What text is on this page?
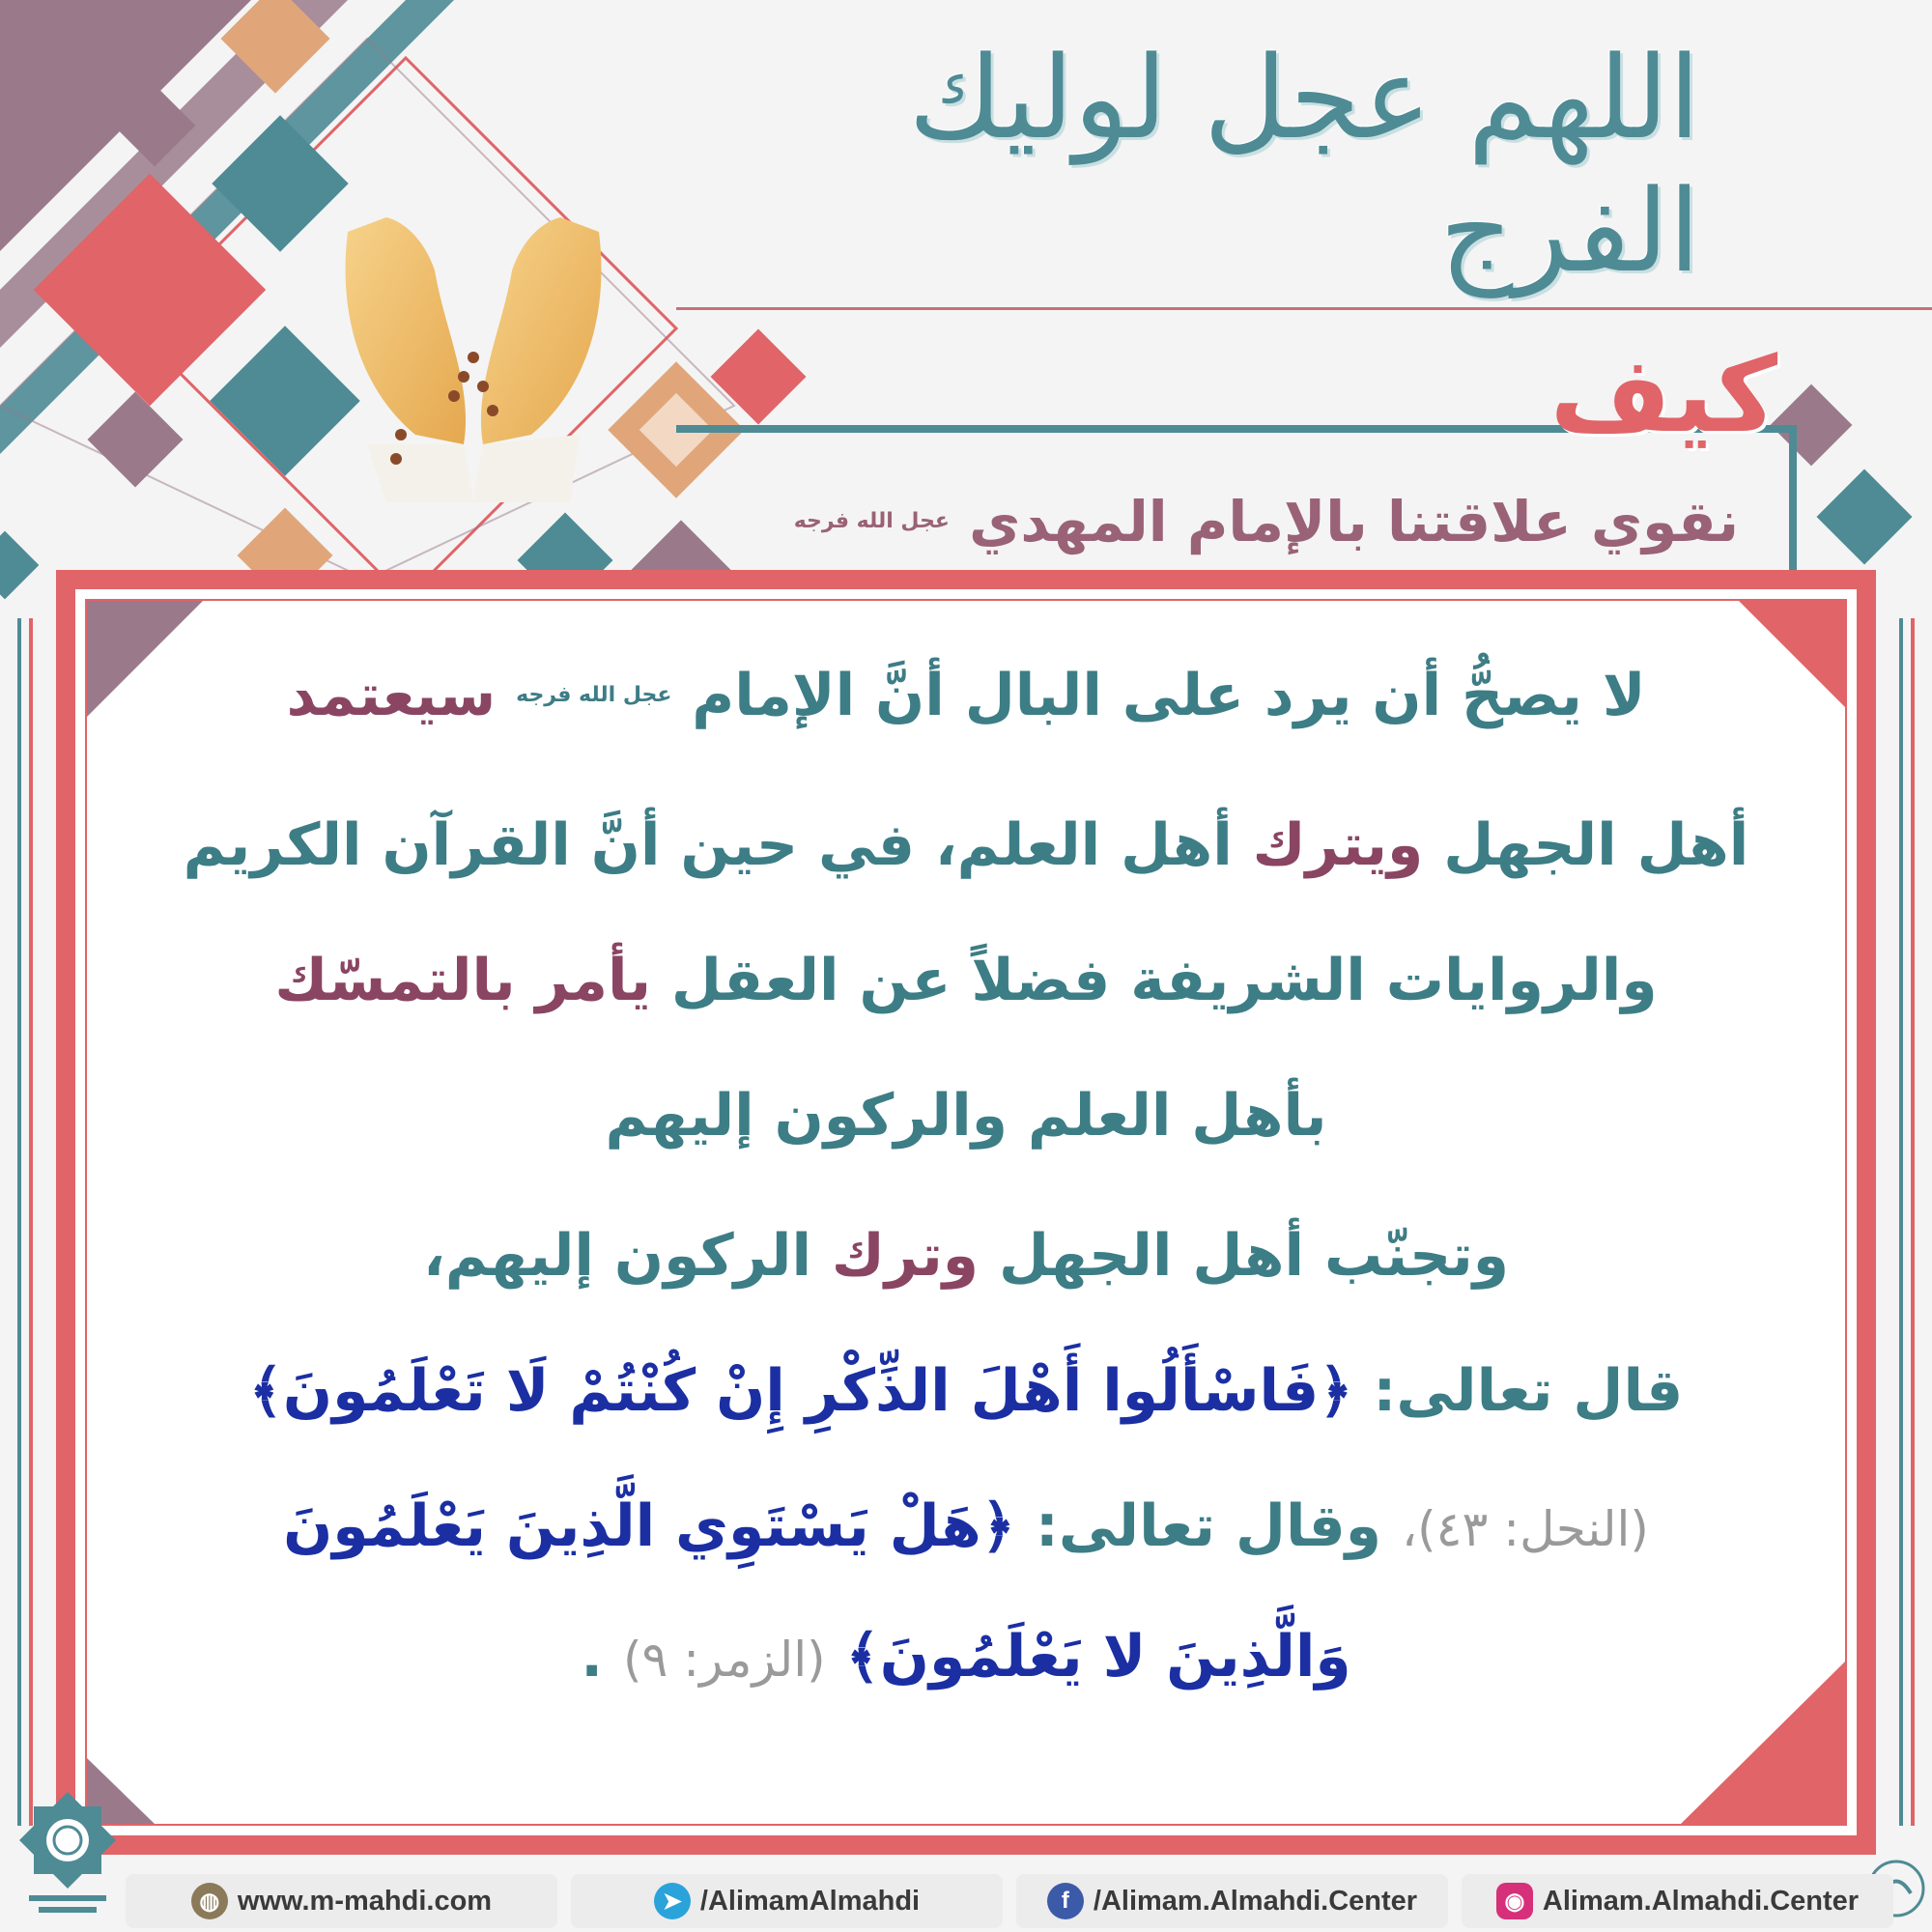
اللهم عجل لوليك الفرج
كيف
نقوي علاقتنا بالإمام المهدي $^{عجل الله فرجه}$
لا يصحُّ أن يرد على البال أنَّ الإمام $^{عجل الله فرجه}$ سيعتمد
أهل الجهل ويترك أهل العلم، في حين أنَّ القرآن الكريم
والروايات الشريفة فضلاً عن العقل يأمر بالتمسّك
بأهل العلم والركون إليهم
وتجنّب أهل الجهل وترك الركون إليهم،
قال تعالى: ﴿فَاسْأَلُوا أَهْلَ الذِّكْرِ إِنْ كُنْتُمْ لَا تَعْلَمُونَ﴾
(النحل: ٤٣)، وقال تعالى: ﴿هَلْ يَسْتَوِي الَّذِينَ يَعْلَمُونَ
وَالَّذِينَ لا يَعْلَمُونَ﴾ (الزمر: ٩) .
◍ www.m-mahdi.com	➤ /AlimamAlmahdi	f /Alimam.Almahdi.Center	◉ Alimam.Almahdi.Center
